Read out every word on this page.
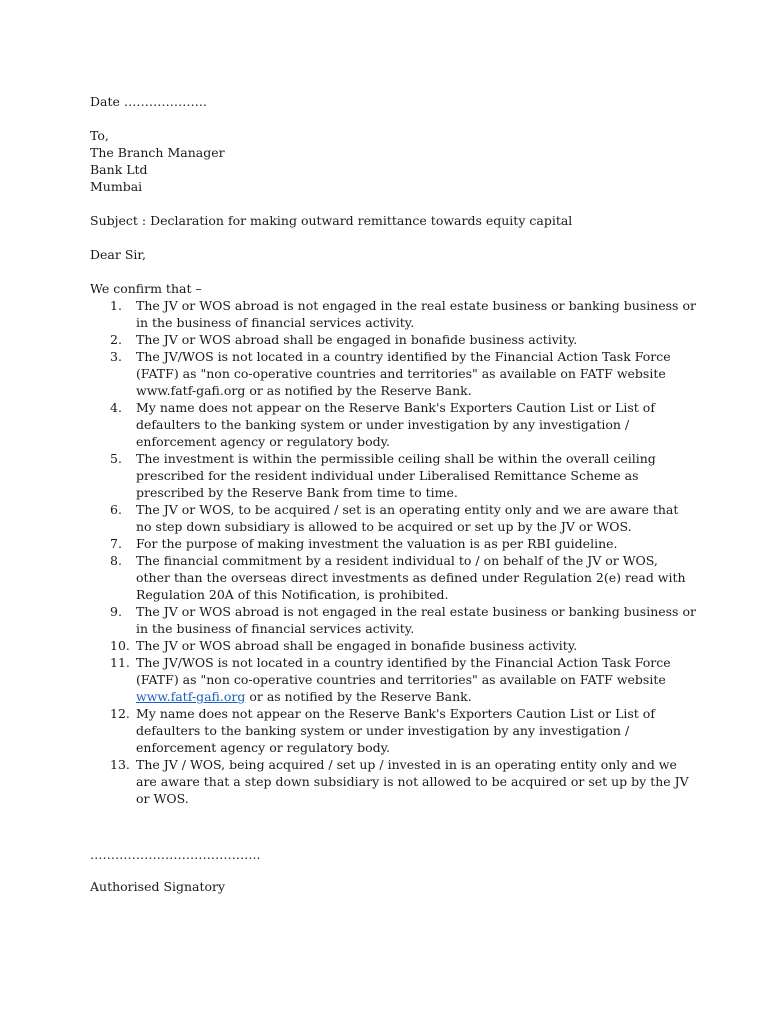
Date ………………..
To,
The Branch Manager
Bank Ltd
Mumbai
Subject : Declaration for making outward remittance towards equity capital
Dear Sir,
We confirm that –
1.	The JV or WOS abroad is not engaged in the real estate business or banking business or
in the business of financial services activity.
2.	The JV or WOS abroad shall be engaged in bonafide business activity.
3.	The JV/WOS is not located in a country identified by the Financial Action Task Force
(FATF) as "non co-operative countries and territories" as available on FATF website
www.fatf-gafi.org or as notified by the Reserve Bank.
4.	My name does not appear on the Reserve Bank's Exporters Caution List or List of
defaulters to the banking system or under investigation by any investigation /
enforcement agency or regulatory body.
5.	The investment is within the permissible ceiling shall be within the overall ceiling
prescribed for the resident individual under Liberalised Remittance Scheme as
prescribed by the Reserve Bank from time to time.
6.	The JV or WOS, to be acquired / set is an operating entity only and we are aware that
no step down subsidiary is allowed to be acquired or set up by the JV or WOS.
7.	For the purpose of making investment the valuation is as per RBI guideline.
8.	The financial commitment by a resident individual to / on behalf of the JV or WOS,
other than the overseas direct investments as defined under Regulation 2(e) read with
Regulation 20A of this Notification, is prohibited.
9.	The JV or WOS abroad is not engaged in the real estate business or banking business or
in the business of financial services activity.
10. The JV or WOS abroad shall be engaged in bonafide business activity.
11. The JV/WOS is not located in a country identified by the Financial Action Task Force
(FATF) as "non co-operative countries and territories" as available on FATF website
www.fatf-gafi.org or as notified by the Reserve Bank.
12. My name does not appear on the Reserve Bank's Exporters Caution List or List of
defaulters to the banking system or under investigation by any investigation /
enforcement agency or regulatory body.
13. The JV / WOS, being acquired / set up / invested in is an operating entity only and we
are aware that a step down subsidiary is not allowed to be acquired or set up by the JV
or WOS.
…………………………………..
Authorised Signatory
